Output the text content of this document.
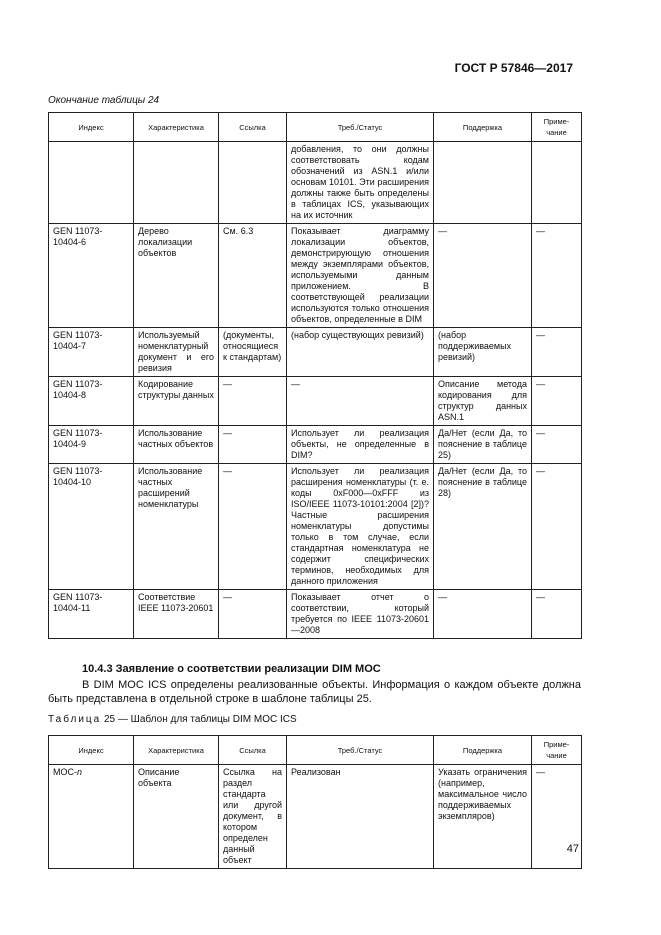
ГОСТ Р 57846—2017
Окончание таблицы 24
Индекс	Характеристика	Ссылка	Треб./Статус	Поддержка	Приме-чание
			добавления, то они должны соответствовать кодам обозначений из ASN.1 и/или основам 10101. Эти расширения должны также быть определены в таблицах ICS, указывающих на их источник		
GEN 11073-10404-6	Дерево локализации объектов	См. 6.3	Показывает диаграмму локализации объектов, демонстрирующую отношения между экземплярами объектов, используемыми данным приложением. В соответствующей реализации используются только отношения объектов, определенные в DIM	—	—
GEN 11073-10404-7	Используемый номенклатурный документ и его ревизия	(документы, относящиеся к стандартам)	(набор существующих ревизий)	(набор поддерживаемых ревизий)	—
GEN 11073-10404-8	Кодирование структуры данных	—	—	Описание метода кодирования для структур данных ASN.1	—
GEN 11073-10404-9	Использование частных объектов	—	Использует ли реализация объекты, не определенные в DIM?	Да/Нет (если Да, то пояснение в таблице 25)	—
GEN 11073-10404-10	Использование частных расширений номенклатуры	—	Использует ли реализация расширения номенклатуры (т. е. коды 0xF000—0xFFF из ISO/IEEE 11073-10101:2004 [2])? Частные расширения номенклатуры допустимы только в том случае, если стандартная номенклатура не содержит специфических терминов, необходимых для данного приложения	Да/Нет (если Да, то пояснение в таблице 28)	—
GEN 11073-10404-11	Соответствие IEEE 11073-20601	—	Показывает отчет о соответствии, который требуется по IEEE 11073-20601—2008	—	—
10.4.3 Заявление о соответствии реализации DIM MOC
В DIM MOC ICS определены реализованные объекты. Информация о каждом объекте должна быть представлена в отдельной строке в шаблоне таблицы 25.
Таблица 25 — Шаблон для таблицы DIM MOC ICS
Индекс	Характеристика	Ссылка	Треб./Статус	Поддержка	Приме-чание
MOC-n	Описание объекта	Ссылка на раздел стандарта или другой документ, в котором определен данный объект	Реализован	Указать ограничения (например, максимальное число поддерживаемых экземпляров)	—
47
